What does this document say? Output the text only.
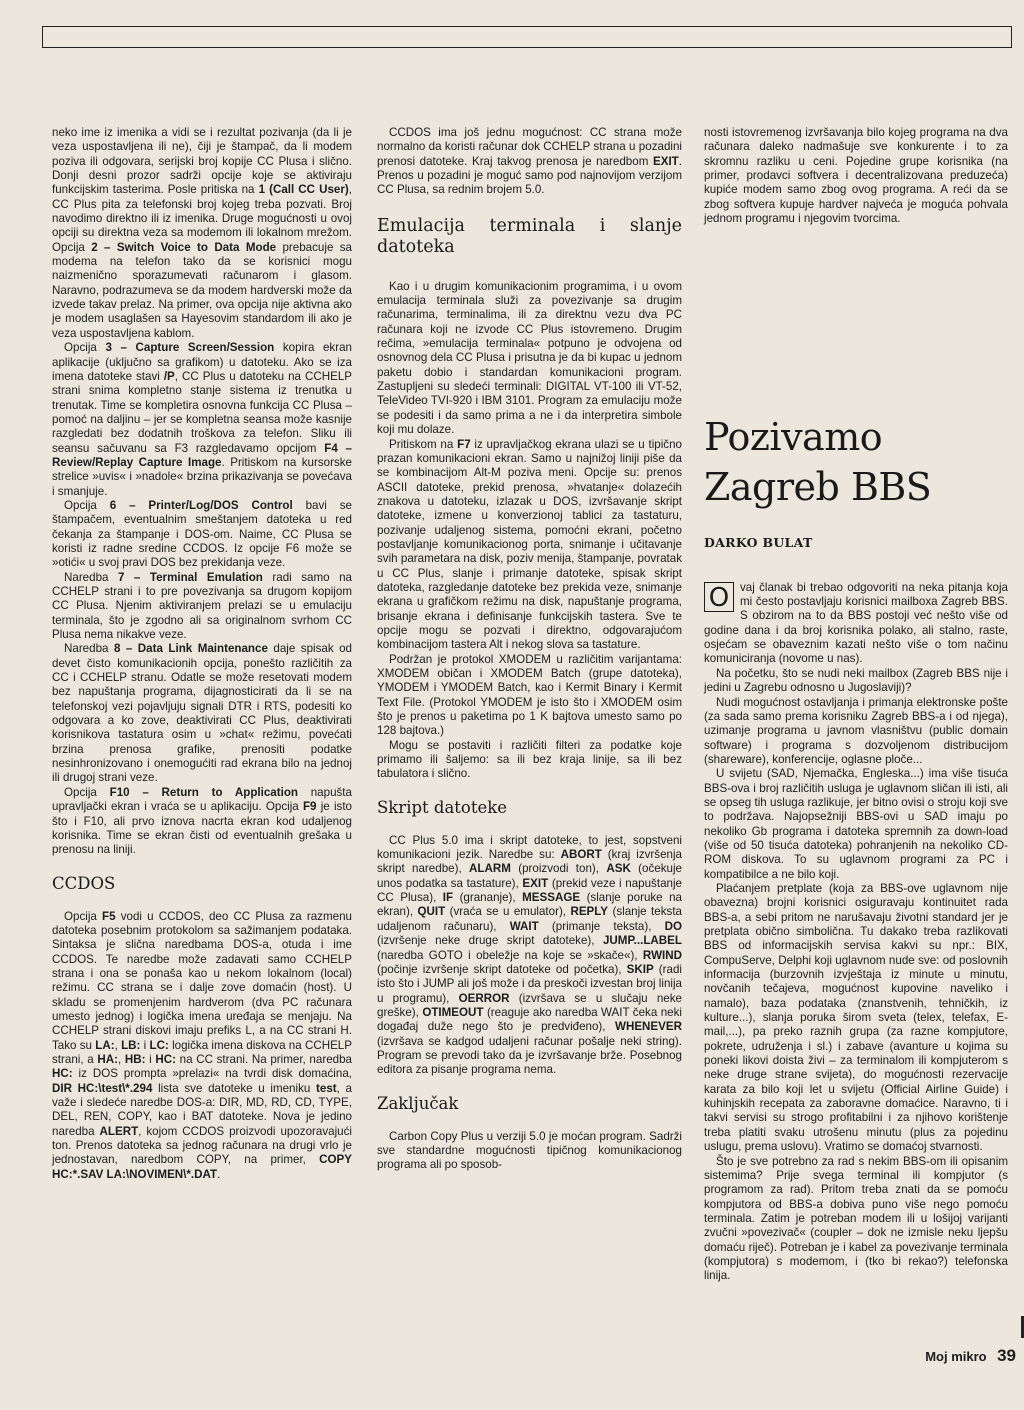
neko ime iz imenika a vidi se i rezultat pozivanja (da li je veza uspostavljena ili ne), čiji je štampač, da li modem poziva ili odgovara, serijski broj kopije CC Plusa i slično. Donji desni prozor sadrži opcije koje se aktiviraju funkcijskim tasterima. Posle pritiska na 1 (Call CC User), CC Plus pita za telefonski broj kojeg treba pozvati. Broj navodimo direktno ili iz imenika. Druge mogućnosti u ovoj opciji su direktna veza sa modemom ili lokalnom mrežom. Opcija 2 – Switch Voice to Data Mode prebacuje sa modema na telefon tako da se korisnici mogu naizmenično sporazumevati računarom i glasom. Naravno, podrazumeva se da modem hardverski može da izvede takav prelaz. Na primer, ova opcija nije aktivna ako je modem usaglašen sa Hayesovim standardom ili ako je veza uspostavljena kablom.

Opcija 3 – Capture Screen/Session kopira ekran aplikacije (uključno sa grafikom) u datoteku. Ako se iza imena datoteke stavi /P, CC Plus u datoteku na CCHELP strani snima kompletno stanje sistema iz trenutka u trenutak. Time se kompletira osnovna funkcija CC Plusa – pomoć na daljinu – jer se kompletna seansa može kasnije razgledati bez dodatnih troškova za telefon. Sliku ili seansu sačuvanu sa F3 razgledavamo opcijom F4 – Review/Replay Capture Image. Pritiskom na kursorske strelice »uvis« i »nadole« brzina prikazivanja se povećava i smanjuje.

Opcija 6 – Printer/Log/DOS Control bavi se štampačem, eventualnim smeštanjem datoteka u red čekanja za štampanje i DOS-om. Naime, CC Plusa se koristi iz radne sredine CCDOS. Iz opcije F6 može se »otići« u svoj pravi DOS bez prekidanja veze.

Naredba 7 – Terminal Emulation radi samo na CCHELP strani i to pre povezivanja sa drugom kopijom CC Plusa. Njenim aktiviranjem prelazi se u emulaciju terminala, što je zgodno ali sa originalnom svrhom CC Plusa nema nikakve veze.

Naredba 8 – Data Link Maintenance daje spisak od devet čisto komunikacionih opcija, ponešto različitih za CC i CCHELP stranu. Odatle se može resetovati modem bez napuštanja programa, dijagnosticirati da li se na telefonskoj vezi pojavljuju signali DTR i RTS, podesiti ko odgovara a ko zove, deaktivirati CC Plus, deaktivirati korisnikova tastatura osim u »chat« režimu, povećati brzina prenosa grafike, prenositi podatke nesinhronizovano i onemogućiti rad ekrana bilo na jednoj ili drugoj strani veze.

Opcija F10 – Return to Application napušta upravljački ekran i vraća se u aplikaciju. Opcija F9 je isto što i F10, ali prvo iznova nacrta ekran kod udaljenog korisnika. Time se ekran čisti od eventualnih grešaka u prenosu na liniji.

CCDOS

Opcija F5 vodi u CCDOS, deo CC Plusa za razmenu datoteka posebnim protokolom sa sažimanjem podataka. Sintaksa je slična naredbama DOS-a, otuda i ime CCDOS. Te naredbe može zadavati samo CCHELP strana i ona se ponaša kao u nekom lokalnom (local) režimu. CC strana se i dalje zove domaćin (host). U skladu se promenjenim hardverom (dva PC računara umesto jednog) i logička imena uređaja se menjaju. Na CCHELP strani diskovi imaju prefiks L, a na CC strani H. Tako su LA:, LB: i LC: logička imena diskova na CCHELP strani, a HA:, HB: i HC: na CC strani. Na primer, naredba HC: iz DOS prompta »prelazi« na tvrdi disk domaćina, DIR HC:\test\*.294 lista sve datoteke u imeniku test, a važe i sledeće naredbe DOS-a: DIR, MD, RD, CD, TYPE, DEL, REN, COPY, kao i BAT datoteke. Nova je jedino naredba ALERT, kojom CCDOS proizvodi upozoravajući ton. Prenos datoteka sa jednog računara na drugi vrlo je jednostavan, naredbom COPY, na primer, COPY HC:*.SAV LA:\NOVIMEN\*.DAT.

CCDOS ima još jednu mogućnost: CC strana može normalno da koristi računar dok CCHELP strana u pozadini prenosi datoteke. Kraj takvog prenosa je naredbom EXIT. Prenos u pozadini je moguć samo pod najnovijom verzijom CC Plusa, sa rednim brojem 5.0.

Emulacija terminala i slanje datoteka

Kao i u drugim komunikacionim programima, i u ovom emulacija terminala služi za povezivanje sa drugim računarima, terminalima, ili za direktnu vezu dva PC računara koji ne izvode CC Plus istovremeno. Drugim rečima, »emulacija terminala« potpuno je odvojena od osnovnog dela CC Plusa i prisutna je da bi kupac u jednom paketu dobio i standardan komunikacioni program. Zastupljeni su sledeći terminali: DIGITAL VT-100 ili VT-52, TeleVideo TVI-920 i IBM 3101. Program za emulaciju može se podesiti i da samo prima a ne i da interpretira simbole koji mu dolaze.

Pritiskom na F7 iz upravljačkog ekrana ulazi se u tipično prazan komunikacioni ekran. Samo u najnižoj liniji piše da se kombinacijom Alt-M poziva meni. Opcije su: prenos ASCII datoteke, prekid prenosa, »hvatanje« dolazećih znakova u datoteku, izlazak u DOS, izvršavanje skript datoteke, izmene u konverzionoj tablici za tastaturu, pozivanje udaljenog sistema, pomoćni ekrani, početno postavljanje komunikacionog porta, snimanje i učitavanje svih parametara na disk, poziv menija, štampanje, povratak u CC Plus, slanje i primanje datoteke, spisak skript datoteka, razgledanje datoteke bez prekida veze, snimanje ekrana u grafičkom režimu na disk, napuštanje programa, brisanje ekrana i definisanje funkcijskih tastera. Sve te opcije mogu se pozvati i direktno, odgovarajućom kombinacijom tastera Alt i nekog slova sa tastature.

Podržan je protokol XMODEM u različitim varijantama: XMODEM običan i XMODEM Batch (grupe datoteka), YMODEM i YMODEM Batch, kao i Kermit Binary i Kermit Text File. (Protokol YMODEM je isto što i XMODEM osim što je prenos u paketima po 1 K bajtova umesto samo po 128 bajtova.)

Mogu se postaviti i različiti filteri za podatke koje primamo ili šaljemo: sa ili bez kraja linije, sa ili bez tabulatora i slično.

Skript datoteke

CC Plus 5.0 ima i skript datoteke, to jest, sopstveni komunikacioni jezik. Naredbe su: ABORT (kraj izvršenja skript naredbe), ALARM (proizvodi ton), ASK (očekuje unos podatka sa tastature), EXIT (prekid veze i napuštanje CC Plusa), IF (grananje), MESSAGE (slanje poruke na ekran), QUIT (vraća se u emulator), REPLY (slanje teksta udaljenom računaru), WAIT (primanje teksta), DO (izvršenje neke druge skript datoteke), JUMP...LABEL (naredba GOTO i obeležje na koje se »skače«), RWIND (počinje izvršenje skript datoteke od početka), SKIP (radi isto što i JUMP ali još može i da preskoči izvestan broj linija u programu), OERROR (izvršava se u slučaju neke greške), OTIMEOUT (reaguje ako naredba WAIT čeka neki događaj duže nego što je predviđeno), WHENEVER (izvršava se kadgod udaljeni računar pošalje neki string). Program se prevodi tako da je izvršavanje brže. Posebnog editora za pisanje programa nema.

Zaključak

Carbon Copy Plus u verziji 5.0 je moćan program. Sadrži sve standardne mogućnosti tipičnog komunikacionog programa ali po sposob-

nosti istovremenog izvršavanja bilo kojeg programa na dva računara daleko nadmašuje sve konkurente i to za skromnu razliku u ceni. Pojedine grupe korisnika (na primer, prodavci softvera i decentralizovana preduzeća) kupiće modem samo zbog ovog programa. A reći da se zbog softvera kupuje hardver najveća je moguća pohvala jednom programu i njegovim tvorcima.

Pozivamo
Zagreb BBS
DARKO BULAT

O vaj članak bi trebao odgovoriti na neka pitanja koja mi često postavljaju korisnici mailboxa Zagreb BBS. S obzirom na to da BBS postoji već nešto više od godine dana i da broj korisnika polako, ali stalno, raste, osjećam se obaveznim kazati nešto više o tom načinu komuniciranja (novome u nas).

Na početku, što se nudi neki mailbox (Zagreb BBS nije i jedini u Zagrebu odnosno u Jugoslaviji)?

Nudi mogućnost ostavljanja i primanja elektronske pošte (za sada samo prema korisniku Zagreb BBS-a i od njega), uzimanje programa u javnom vlasništvu (public domain software) i programa s dozvoljenom distribucijom (shareware), konferencije, oglasne ploče...

U svijetu (SAD, Njemačka, Engleska...) ima više tisuća BBS-ova i broj različitih usluga je uglavnom sličan ili isti, ali se opseg tih usluga razlikuje, jer bitno ovisi o stroju koji sve to podržava. Najopsežniji BBS-ovi u SAD imaju po nekoliko Gb programa i datoteka spremnih za down-load (više od 50 tisuća datoteka) pohranjenih na nekoliko CD-ROM diskova. To su uglavnom programi za PC i kompatibilce a ne bilo koji.

Plaćanjem pretplate (koja za BBS-ove uglavnom nije obavezna) brojni korisnici osiguravaju kontinuitet rada BBS-a, a sebi pritom ne narušavaju životni standard jer je pretplata obično simbolična. Tu dakako treba razlikovati BBS od informacijskih servisa kakvi su npr.: BIX, CompuServe, Delphi koji uglavnom nude sve: od poslovnih informacija (burzovnih izvještaja iz minute u minutu, novčanih tečajeva, mogućnost kupovine naveliko i namalo), baza podataka (znanstvenih, tehničkih, iz kulture...), slanja poruka širom sveta (telex, telefax, E-mail,...), pa preko raznih grupa (za razne kompjutore, pokrete, udruženja i sl.) i zabave (avanture u kojima su poneki likovi doista živi – za terminalom ili kompjuterom s neke druge strane svijeta), do mogućnosti rezervacije karata za bilo koji let u svijetu (Official Airline Guide) i kuhinjskih recepata za zaboravne domaćice. Naravno, ti i takvi servisi su strogo profitabilni i za njihovo korištenje treba platiti svaku utrošenu minutu (plus za pojedinu uslugu, prema uslovu). Vratimo se domaćoj stvarnosti.

Što je sve potrebno za rad s nekim BBS-om ili opisanim sistemima? Prije svega terminal ili kompjutor (s programom za rad). Pritom treba znati da se pomoću kompjutora od BBS-a dobiva puno više nego pomoću terminala. Zatim je potreban modem ili u lošijoj varijanti zvučni »povezivač« (coupler – dok ne izmisle neku ljepšu domaću riječ). Potreban je i kabel za povezivanje terminala (kompjutora) s modemom, i (tko bi rekao?) telefonska linija.

Moj mikro 39
